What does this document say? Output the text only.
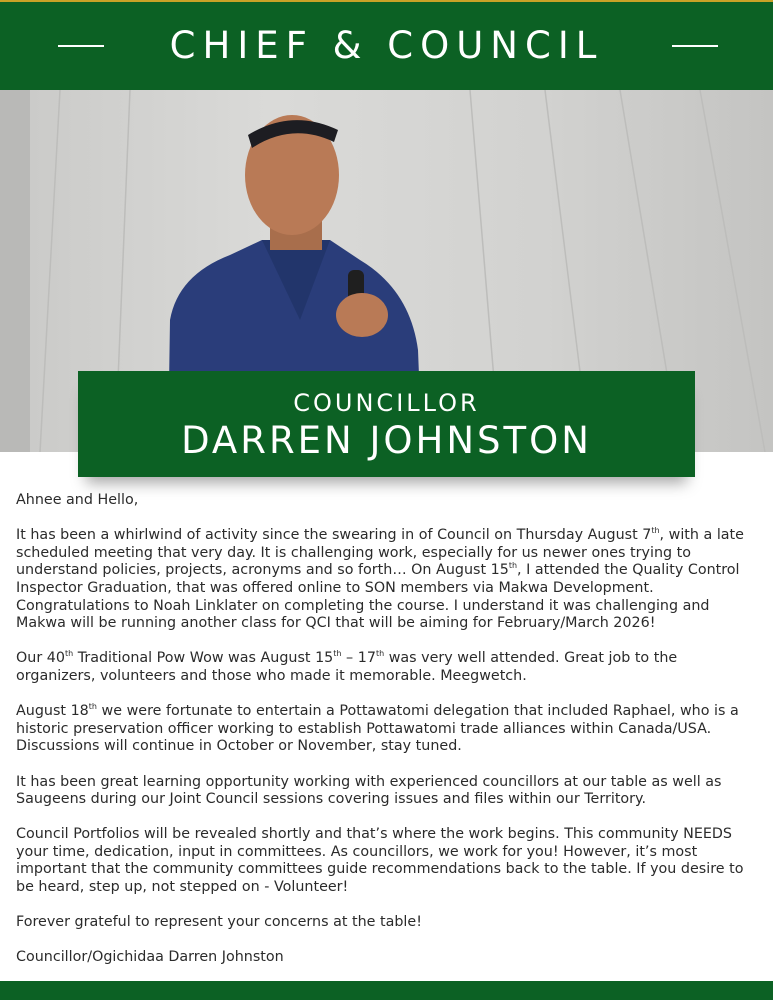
CHIEF & COUNCIL
COUNCILLOR
DARREN JOHNSTON

Ahnee and Hello,

It has been a whirlwind of activity since the swearing in of Council on Thursday August 7th, with a late scheduled meeting that very day. It is challenging work, especially for us newer ones trying to understand policies, projects, acronyms and so forth… On August 15th, I attended the Quality Control Inspector Graduation, that was offered online to SON members via Makwa Development. Congratulations to Noah Linklater on completing the course. I understand it was challenging and Makwa will be running another class for QCI that will be aiming for February/March 2026!

Our 40th Traditional Pow Wow was August 15th – 17th was very well attended. Great job to the organizers, volunteers and those who made it memorable. Meegwetch.

August 18th we were fortunate to entertain a Pottawatomi delegation that included Raphael, who is a historic preservation officer working to establish Pottawatomi trade alliances within Canada/USA. Discussions will continue in October or November, stay tuned.

It has been great learning opportunity working with experienced councillors at our table as well as Saugeens during our Joint Council sessions covering issues and files within our Territory.

Council Portfolios will be revealed shortly and that’s where the work begins. This community NEEDS your time, dedication, input in committees. As councillors, we work for you! However, it’s most important that the community committees guide recommendations back to the table. If you desire to be heard, step up, not stepped on - Volunteer!

Forever grateful to represent your concerns at the table!

Councillor/Ogichidaa Darren Johnston
